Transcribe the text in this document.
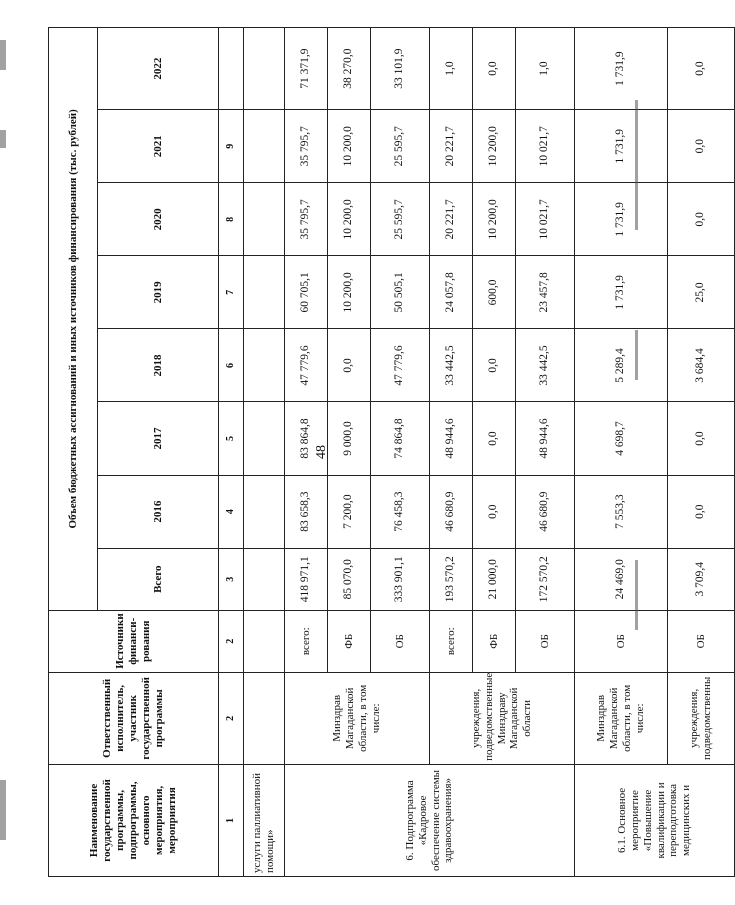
48
Наименование государственной программы, подпрограммы, основного мероприятия, мероприятия	Ответственный исполнитель, участник государственной программы	Источники финанси-рования	Объем бюджетных ассигнований и иных источников финансирования (тыс. рублей)							
			Всего	2016	2017	2018	2019	2020	2021	2022
1	2	2	3	4	5	6	7	8	9	
услуги паллиативной помощи»										
6. Подпрограмма «Кадровое обеспечение системы здравоохранения»	Минздрав Магаданской области, в том числе:	всего:	418 971,1	83 658,3	83 864,8	47 779,6	60 705,1	35 795,7	35 795,7	71 371,9
		ФБ	85 070,0	7 200,0	9 000,0	0,0	10 200,0	10 200,0	10 200,0	38 270,0
		ОБ	333 901,1	76 458,3	74 864,8	47 779,6	50 505,1	25 595,7	25 595,7	33 101,9
	учреждения, подведомственные Минздраву Магаданской области	всего:	193 570,2	46 680,9	48 944,6	33 442,5	24 057,8	20 221,7	20 221,7	1,0
		ФБ	21 000,0	0,0	0,0	0,0	600,0	10 200,0	10 200,0	0,0
		ОБ	172 570,2	46 680,9	48 944,6	33 442,5	23 457,8	10 021,7	10 021,7	1,0
6.1. Основное мероприятие «Повышение квалификации и переподготовка медицинских и	Минздрав Магаданской области, в том числе:	ОБ	24 469,0	7 553,3	4 698,7	5 289,4	1 731,9	1 731,9	1 731,9	1 731,9
	учреждения, подведомственны	ОБ	3 709,4	0,0	0,0	3 684,4	25,0	0,0	0,0	0,0
